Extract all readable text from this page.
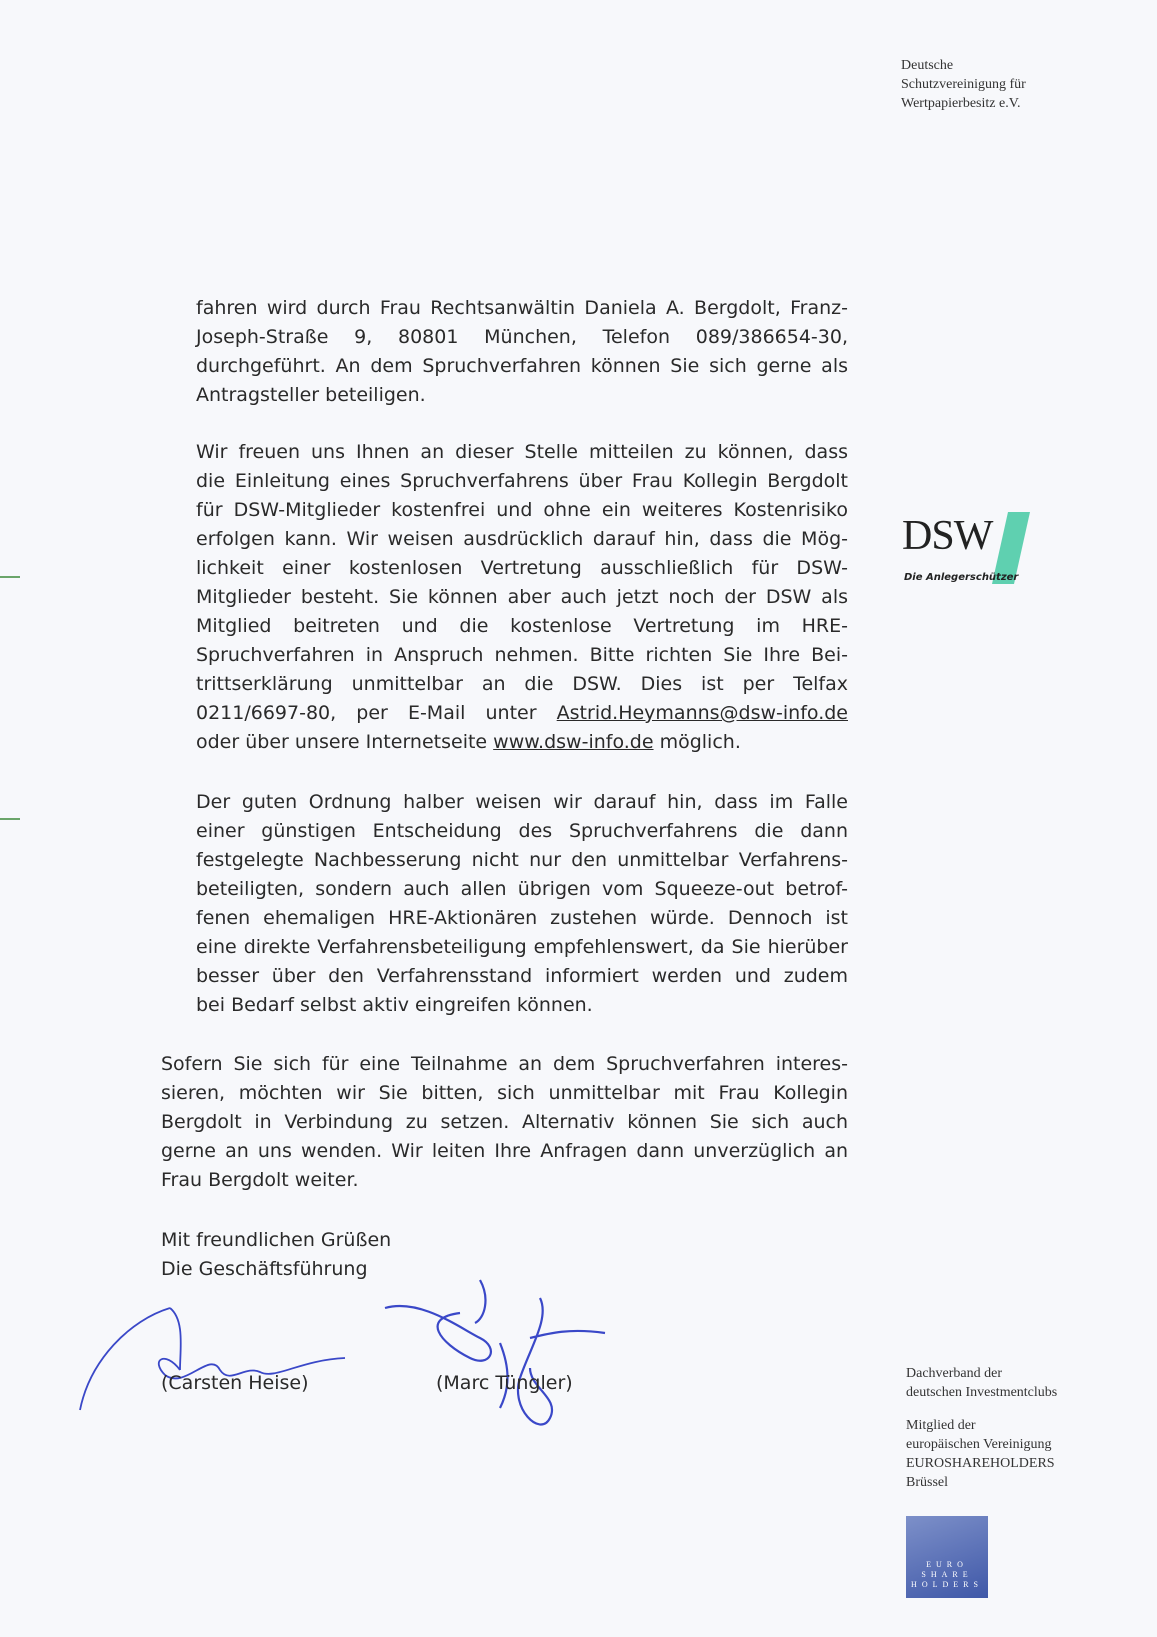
Deutsche
Schutzvereinigung für
Wertpapierbesitz e.V.
DSW
Die Anlegerschützer
fahren wird durch Frau Rechtsanwältin Daniela A. Bergdolt, Franz-
Joseph-Straße 9, 80801 München, Telefon 089/386654-30,
durchgeführt. An dem Spruchverfahren können Sie sich gerne als
Antragsteller beteiligen.
Wir freuen uns Ihnen an dieser Stelle mitteilen zu können, dass
die Einleitung eines Spruchverfahrens über Frau Kollegin Bergdolt
für DSW-Mitglieder kostenfrei und ohne ein weiteres Kostenrisiko
erfolgen kann. Wir weisen ausdrücklich darauf hin, dass die Mög-
lichkeit einer kostenlosen Vertretung ausschließlich für DSW-
Mitglieder besteht. Sie können aber auch jetzt noch der DSW als
Mitglied beitreten und die kostenlose Vertretung im HRE-
Spruchverfahren in Anspruch nehmen. Bitte richten Sie Ihre Bei-
trittserklärung unmittelbar an die DSW. Dies ist per Telfax
0211/6697-80, per E-Mail unter Astrid.Heymanns@dsw-info.de
oder über unsere Internetseite www.dsw-info.de möglich.
Der guten Ordnung halber weisen wir darauf hin, dass im Falle
einer günstigen Entscheidung des Spruchverfahrens die dann
festgelegte Nachbesserung nicht nur den unmittelbar Verfahrens-
beteiligten, sondern auch allen übrigen vom Squeeze-out betrof-
fenen ehemaligen HRE-Aktionären zustehen würde. Dennoch ist
eine direkte Verfahrensbeteiligung empfehlenswert, da Sie hierüber
besser über den Verfahrensstand informiert werden und zudem
bei Bedarf selbst aktiv eingreifen können.
Sofern Sie sich für eine Teilnahme an dem Spruchverfahren interes-
sieren, möchten wir Sie bitten, sich unmittelbar mit Frau Kollegin
Bergdolt in Verbindung zu setzen. Alternativ können Sie sich auch
gerne an uns wenden. Wir leiten Ihre Anfragen dann unverzüglich an
Frau Bergdolt weiter.
Mit freundlichen Grüßen
Die Geschäftsführung
(Carsten Heise)	(Marc Tüngler)	Dachverband der
deutschen Investmentclubs
Mitglied der
europäischen Vereinigung
EUROSHAREHOLDERS
Brüssel
EURO
SHARE
HOLDERS
